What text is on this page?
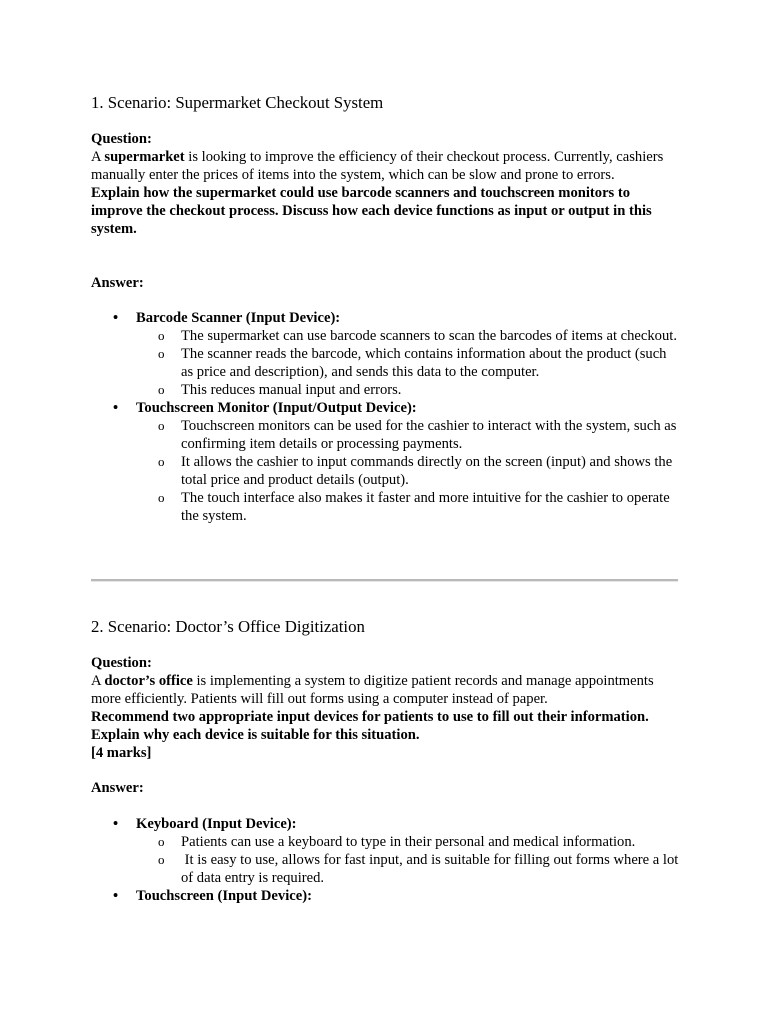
1. Scenario: Supermarket Checkout System

Question:

A supermarket is looking to improve the efficiency of their checkout process. Currently, cashiers manually enter the prices of items into the system, which can be slow and prone to errors.

Explain how the supermarket could use barcode scanners and touchscreen monitors to improve the checkout process. Discuss how each device functions as input or output in this system.

Answer:

• Barcode Scanner (Input Device):
o The supermarket can use barcode scanners to scan the barcodes of items at checkout.
o The scanner reads the barcode, which contains information about the product (such as price and description), and sends this data to the computer.
o This reduces manual input and errors.
• Touchscreen Monitor (Input/Output Device):
o Touchscreen monitors can be used for the cashier to interact with the system, such as confirming item details or processing payments.
o It allows the cashier to input commands directly on the screen (input) and shows the total price and product details (output).
o The touch interface also makes it faster and more intuitive for the cashier to operate the system.
2. Scenario: Doctor’s Office Digitization

Question:

A doctor’s office is implementing a system to digitize patient records and manage appointments more efficiently. Patients will fill out forms using a computer instead of paper.

Recommend two appropriate input devices for patients to use to fill out their information.

Explain why each device is suitable for this situation.

[4 marks]

Answer:

• Keyboard (Input Device):
o Patients can use a keyboard to type in their personal and medical information.
o It is easy to use, allows for fast input, and is suitable for filling out forms where a lot of data entry is required.
• Touchscreen (Input Device):
